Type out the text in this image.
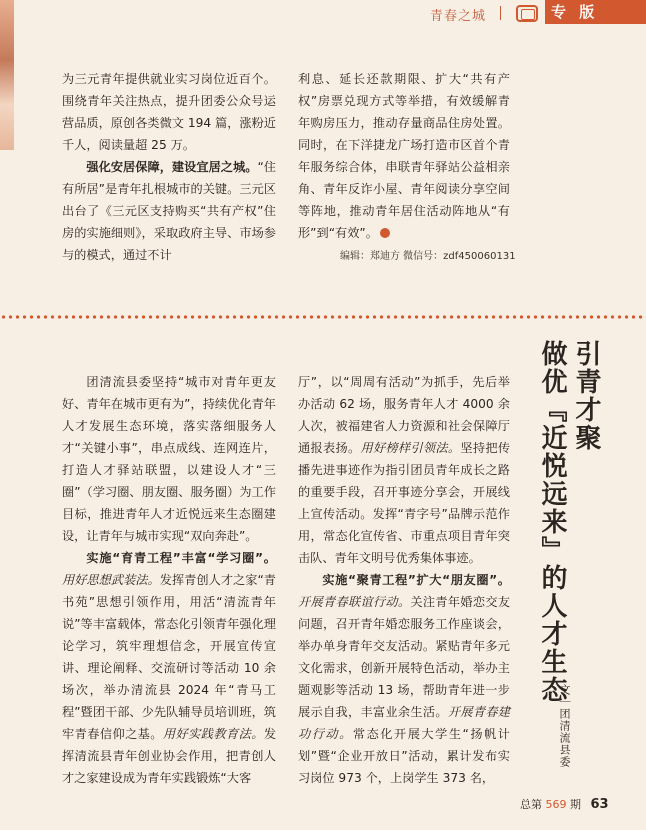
青春之城	专 版

为三元青年提供就业实习岗位近百个。围绕青年关注热点，提升团委公众号运营品质，原创各类微文 194 篇，涨粉近千人，阅读量超 25 万。

强化安居保障，建设宜居之城。“住有所居”是青年扎根城市的关键。三元区出台了《三元区支持购买“共有产权”住房的实施细则》，采取政府主导、市场参与的模式，通过不计

利息、延长还款期限、扩大“共有产权”房票兑现方式等举措，有效缓解青年购房压力，推动存量商品住房处置。同时，在下洋捷龙广场打造市区首个青年服务综合体，串联青年驿站公益相亲角、青年反诈小屋、青年阅读分享空间等阵地，推动青年居住活动阵地从“有形”到“有效”。

编辑：郑迪方 微信号：zdf450060131
引青才聚
做优『近悦远来』的人才生态
文｜团清流县委

团清流县委坚持“城市对青年更友好、青年在城市更有为”，持续优化青年人才发展生态环境，落实落细服务人才“关键小事”，串点成线、连网连片，打造人才驿站联盟，以建设人才“三圈”（学习圈、朋友圈、服务圈）为工作目标，推进青年人才近悦远来生态圈建设，让青年与城市实现“双向奔赴”。

实施“育青工程”丰富“学习圈”。用好思想武装法。发挥青创人才之家“青书苑”思想引领作用，用活“清流青年说”等丰富载体，常态化引领青年强化理论学习，筑牢理想信念，开展宣传宣讲、理论阐释、交流研讨等活动 10 余场次，举办清流县 2024 年“青马工程”暨团干部、少先队辅导员培训班，筑牢青春信仰之基。用好实践教育法。发挥清流县青年创业协会作用，把青创人才之家建设成为青年实践锻炼“大客

厅”，以“周周有活动”为抓手，先后举办活动 62 场，服务青年人才 4000 余人次，被福建省人力资源和社会保障厅通报表扬。用好榜样引领法。坚持把传播先进事迹作为指引团员青年成长之路的重要手段，召开事迹分享会，开展线上宣传活动。发挥“青字号”品牌示范作用，常态化宣传省、市重点项目青年突击队、青年文明号优秀集体事迹。

实施“聚青工程”扩大“朋友圈”。开展青春联谊行动。关注青年婚恋交友问题，召开青年婚恋服务工作座谈会，举办单身青年交友活动。紧贴青年多元文化需求，创新开展特色活动，举办主题观影等活动 13 场，帮助青年进一步展示自我，丰富业余生活。开展青春建功行动。常态化开展大学生“扬帆计划”暨“企业开放日”活动，累计发布实习岗位 973 个，上岗学生 373 名，

总第 569 期 63
